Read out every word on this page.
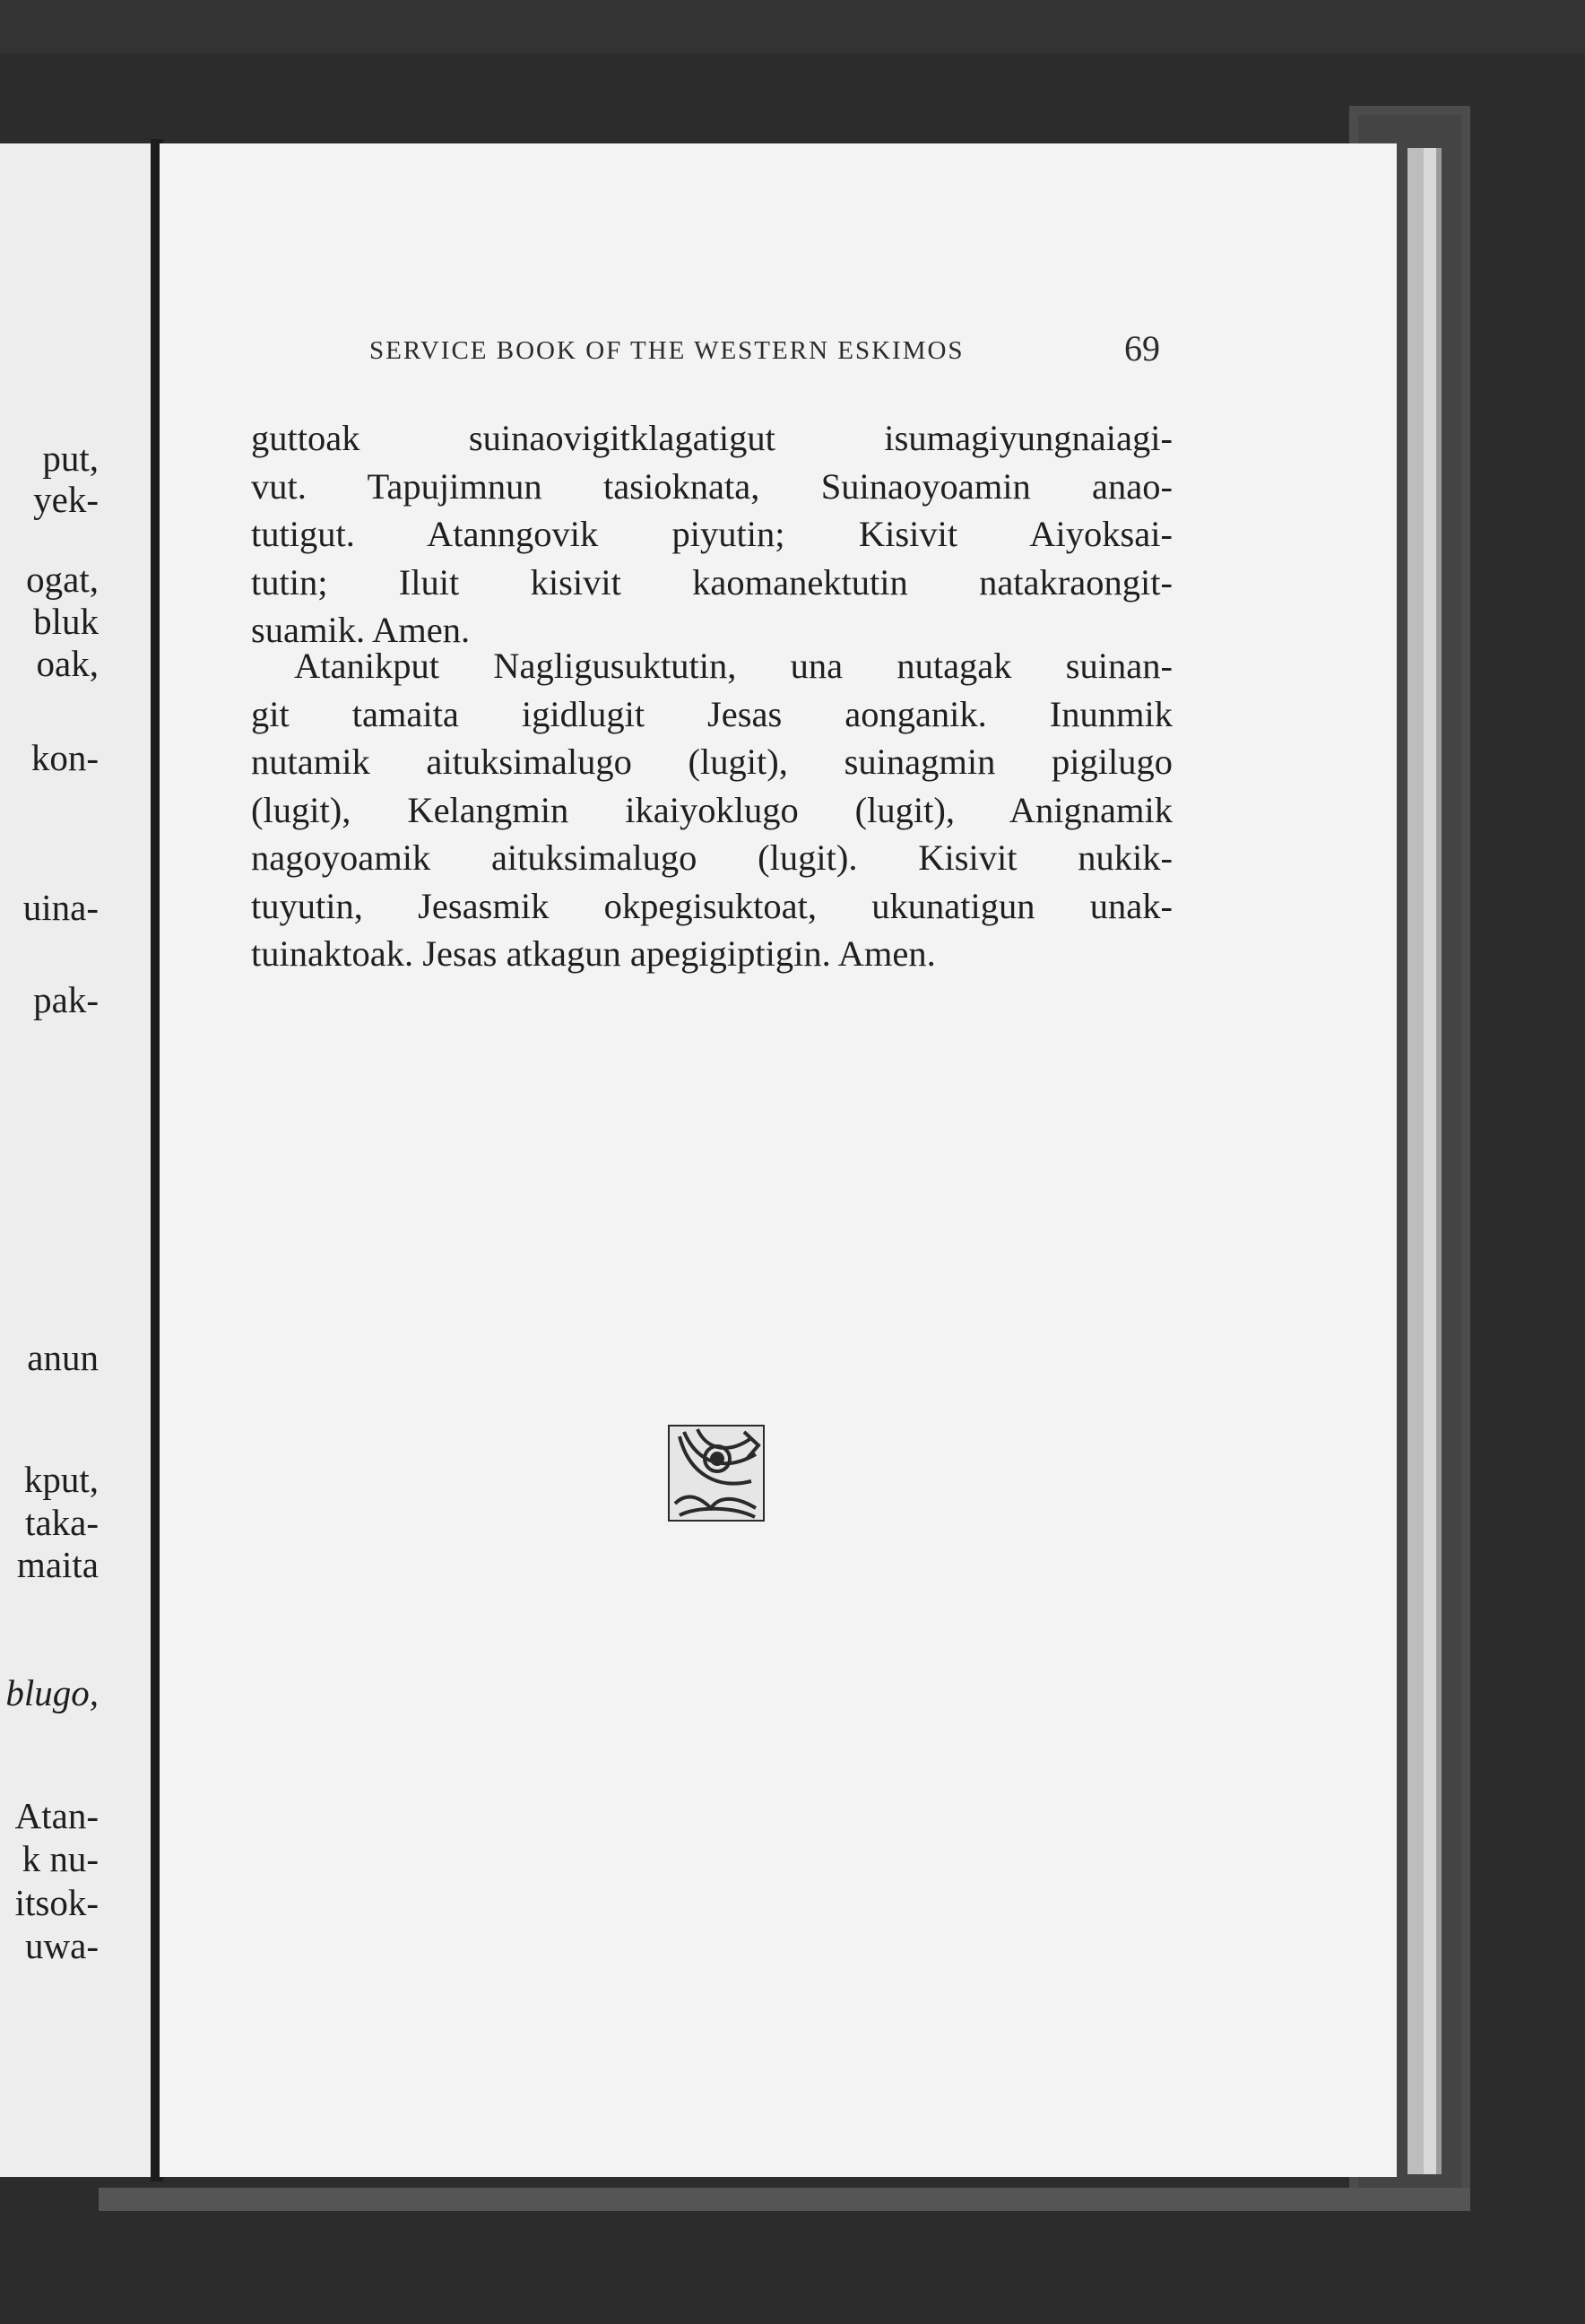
put,
yek-
ogat,
bluk
oak,
kon-
uina-
pak-
anun
kput,
taka-
maita
blugo,
Atan-
k nu-
itsok-
uwa-
SERVICE BOOK OF THE WESTERN ESKIMOS	69
guttoak suinaovigitklagatigut isumagiyungnaiagi-
vut. Tapujimnun tasioknata, Suinaoyoamin anao-
tutigut. Atanngovik piyutin; Kisivit Aiyoksai-
tutin; Iluit kisivit kaomanektutin natakraongit-
suamik. Amen.
Atanikput Nagligusuktutin, una nutagak suinan-
git tamaita igidlugit Jesas aonganik. Inunmik
nutamik aituksimalugo (lugit), suinagmin pigilugo
(lugit), Kelangmin ikaiyoklugo (lugit), Anignamik
nagoyoamik aituksimalugo (lugit). Kisivit nukik-
tuyutin, Jesasmik okpegisuktoat, ukunatigun unak-
tuinaktoak. Jesas atkagun apegigiptigin. Amen.
